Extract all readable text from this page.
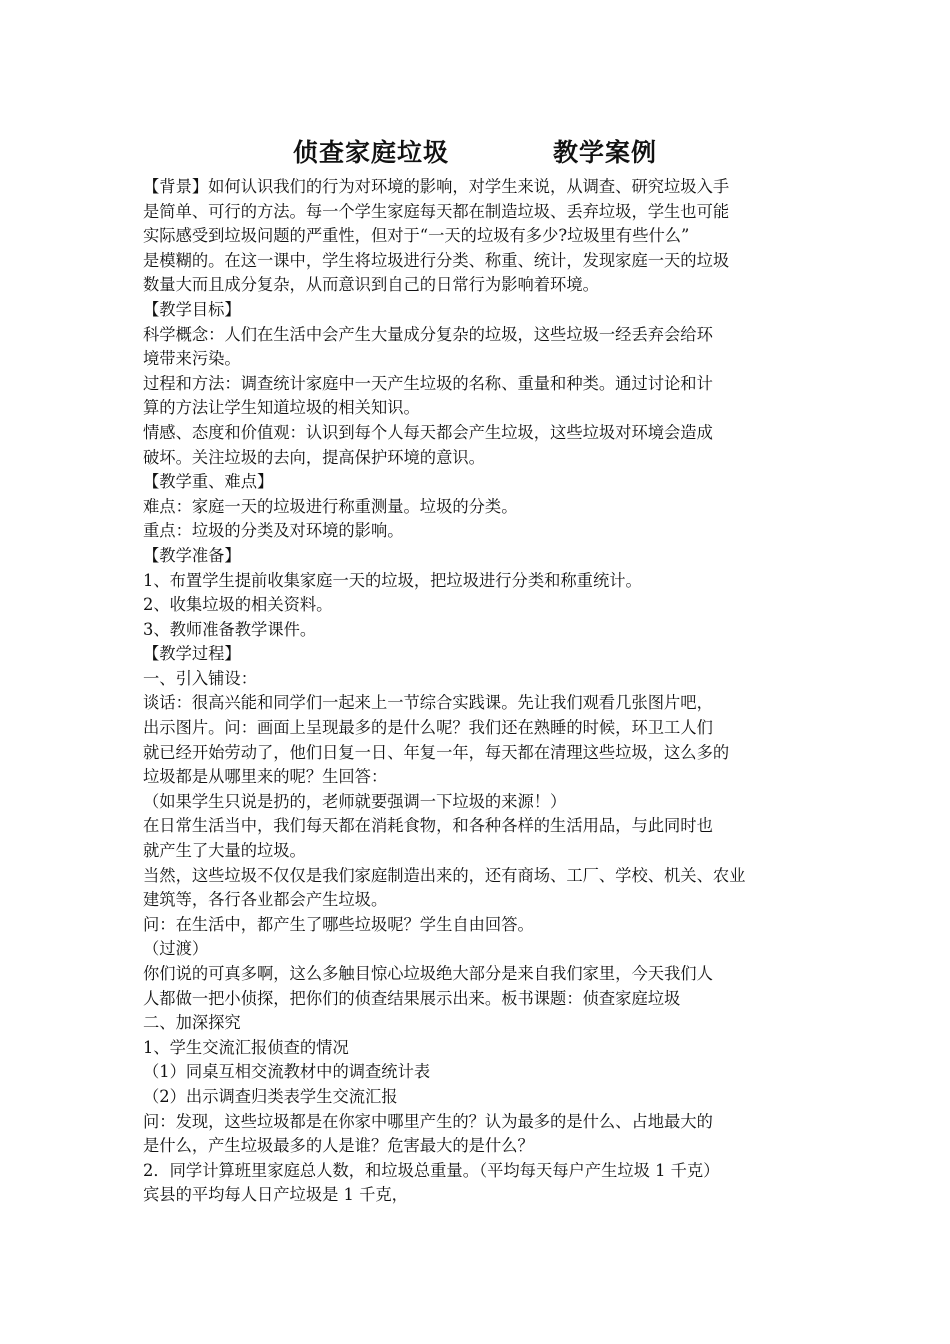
侦查家庭垃圾　　　　教学案例
【背景】如何认识我们的行为对环境的影响，对学生来说，从调查、研究垃圾入手
是简单、可行的方法。每一个学生家庭每天都在制造垃圾、丢弃垃圾，学生也可能
实际感受到垃圾问题的严重性，但对于“一天的垃圾有多少?垃圾里有些什么”
是模糊的。在这一课中，学生将垃圾进行分类、称重、统计，发现家庭一天的垃圾
数量大而且成分复杂，从而意识到自己的日常行为影响着环境。
【教学目标】
科学概念：人们在生活中会产生大量成分复杂的垃圾，这些垃圾一经丢弃会给环
境带来污染。
过程和方法：调查统计家庭中一天产生垃圾的名称、重量和种类。通过讨论和计
算的方法让学生知道垃圾的相关知识。
情感、态度和价值观：认识到每个人每天都会产生垃圾，这些垃圾对环境会造成
破坏。关注垃圾的去向，提高保护环境的意识。
【教学重、难点】
难点：家庭一天的垃圾进行称重测量。垃圾的分类。
重点：垃圾的分类及对环境的影响。
【教学准备】
1、布置学生提前收集家庭一天的垃圾，把垃圾进行分类和称重统计。
2、收集垃圾的相关资料。
3、教师准备教学课件。
【教学过程】
一、引入铺设：
谈话：很高兴能和同学们一起来上一节综合实践课。先让我们观看几张图片吧，
出示图片。问：画面上呈现最多的是什么呢？我们还在熟睡的时候，环卫工人们
就已经开始劳动了，他们日复一日、年复一年，每天都在清理这些垃圾，这么多的
垃圾都是从哪里来的呢？生回答：
（如果学生只说是扔的，老师就要强调一下垃圾的来源！）
在日常生活当中，我们每天都在消耗食物，和各种各样的生活用品，与此同时也
就产生了大量的垃圾。
当然，这些垃圾不仅仅是我们家庭制造出来的，还有商场、工厂、学校、机关、农业
建筑等，各行各业都会产生垃圾。
问：在生活中，都产生了哪些垃圾呢？学生自由回答。
（过渡）
你们说的可真多啊，这么多触目惊心垃圾绝大部分是来自我们家里，今天我们人
人都做一把小侦探，把你们的侦查结果展示出来。板书课题：侦查家庭垃圾
二、加深探究
1、学生交流汇报侦查的情况
（1）同桌互相交流教材中的调查统计表
（2）出示调查归类表学生交流汇报
问：发现，这些垃圾都是在你家中哪里产生的？认为最多的是什么、占地最大的
是什么，产生垃圾最多的人是谁？危害最大的是什么？
2．同学计算班里家庭总人数，和垃圾总重量。（平均每天每户产生垃圾 1 千克）
宾县的平均每人日产垃圾是 1 千克，
